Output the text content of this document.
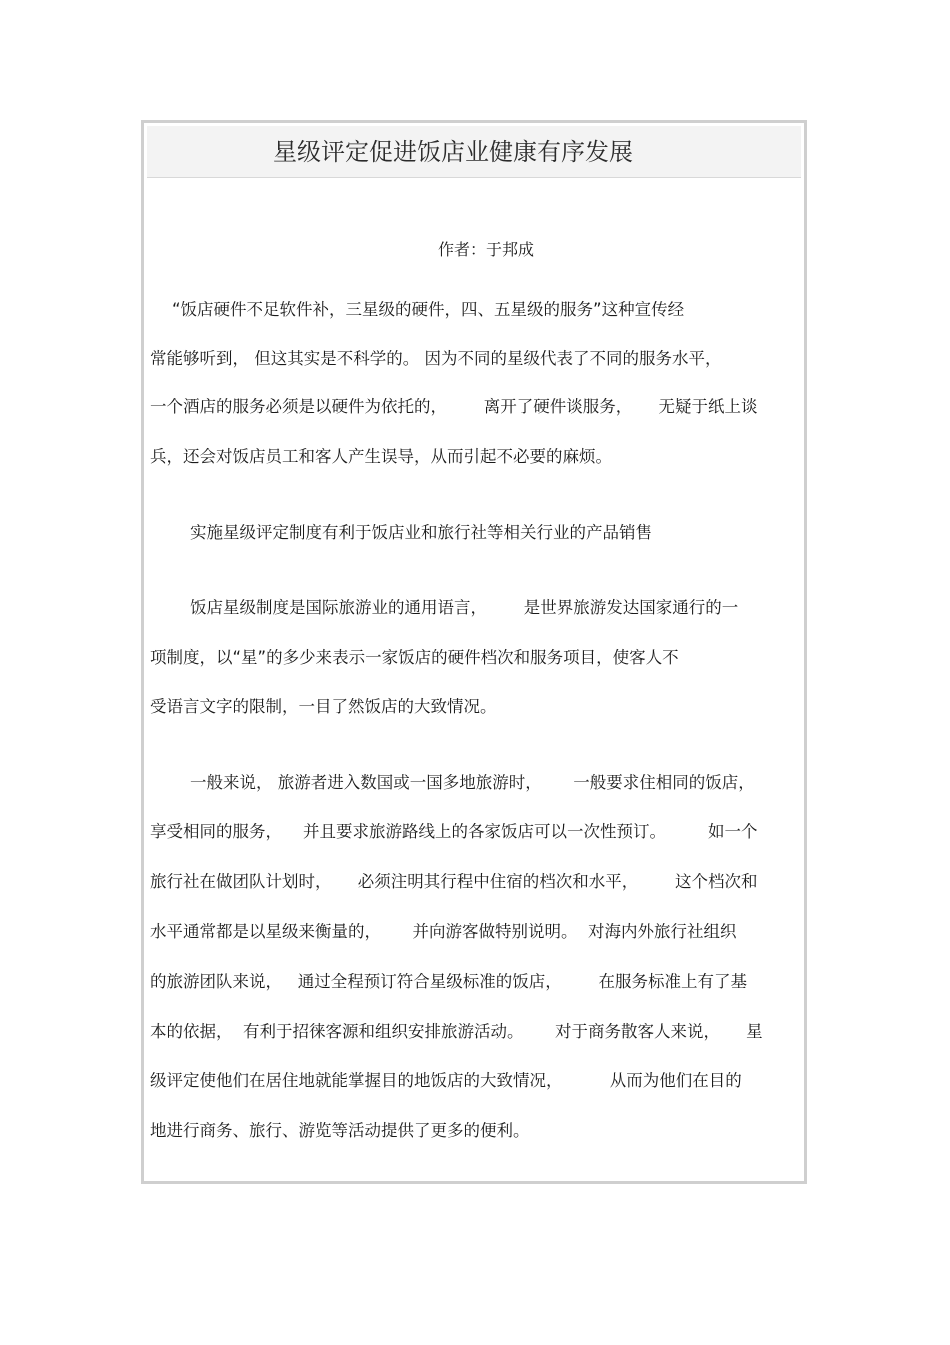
星级评定促进饭店业健康有序发展
作者：于邦成
“饭店硬件不足软件补，三星级的硬件，四、五星级的服务”这种宣传经
常能够听到， 但这其实是不科学的。 因为不同的星级代表了不同的服务水平，
一个酒店的服务必须是以硬件为依托的，       离开了硬件谈服务，     无疑于纸上谈
兵，还会对饭店员工和客人产生误导，从而引起不必要的麻烦。
实施星级评定制度有利于饭店业和旅行社等相关行业的产品销售
饭店星级制度是国际旅游业的通用语言，       是世界旅游发达国家通行的一
项制度，以“星”的多少来表示一家饭店的硬件档次和服务项目，使客人不
受语言文字的限制，一目了然饭店的大致情况。
一般来说， 旅游者进入数国或一国多地旅游时，      一般要求住相同的饭店，
享受相同的服务，    并且要求旅游路线上的各家饭店可以一次性预订。        如一个
旅行社在做团队计划时，     必须注明其行程中住宿的档次和水平，       这个档次和
水平通常都是以星级来衡量的，      并向游客做特别说明。  对海内外旅行社组织
的旅游团队来说，   通过全程预订符合星级标准的饭店，       在服务标准上有了基
本的依据，  有利于招徕客源和组织安排旅游活动。      对于商务散客人来说，     星
级评定使他们在居住地就能掌握目的地饭店的大致情况，         从而为他们在目的
地进行商务、旅行、游览等活动提供了更多的便利。
